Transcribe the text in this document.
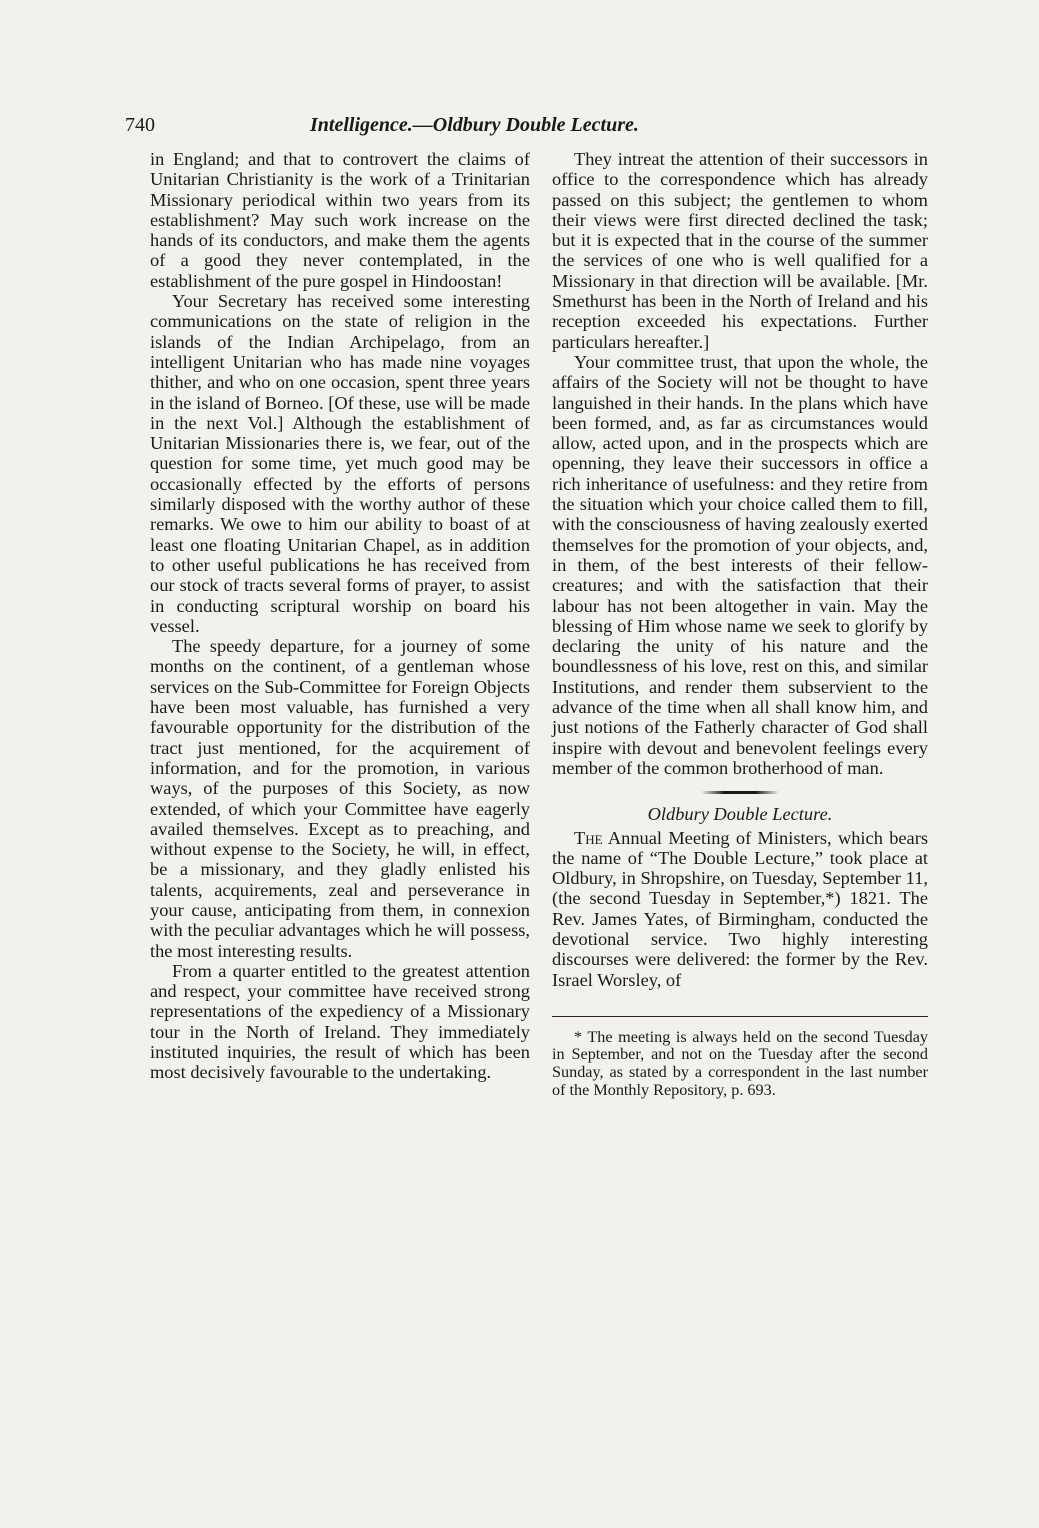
740	Intelligence.—Oldbury Double Lecture.

in England; and that to controvert the claims of Unitarian Christianity is the work of a Trinitarian Missionary periodical within two years from its establishment? May such work increase on the hands of its conductors, and make them the agents of a good they never contemplated, in the establishment of the pure gospel in Hindoostan!

Your Secretary has received some interesting communications on the state of religion in the islands of the Indian Archipelago, from an intelligent Unitarian who has made nine voyages thither, and who on one occasion, spent three years in the island of Borneo. [Of these, use will be made in the next Vol.] Although the establishment of Unitarian Missionaries there is, we fear, out of the question for some time, yet much good may be occasionally effected by the efforts of persons similarly disposed with the worthy author of these remarks. We owe to him our ability to boast of at least one floating Unitarian Chapel, as in addition to other useful publications he has received from our stock of tracts several forms of prayer, to assist in conducting scriptural worship on board his vessel.

The speedy departure, for a journey of some months on the continent, of a gentleman whose services on the Sub-Committee for Foreign Objects have been most valuable, has furnished a very favourable opportunity for the distribution of the tract just mentioned, for the acquirement of information, and for the promotion, in various ways, of the purposes of this Society, as now extended, of which your Committee have eagerly availed themselves. Except as to preaching, and without expense to the Society, he will, in effect, be a missionary, and they gladly enlisted his talents, acquirements, zeal and perseverance in your cause, anticipating from them, in connexion with the peculiar advantages which he will possess, the most interesting results.

From a quarter entitled to the greatest attention and respect, your committee have received strong representations of the expediency of a Missionary tour in the North of Ireland. They immediately instituted inquiries, the result of which has been most decisively favourable to the undertaking.

They intreat the attention of their successors in office to the correspondence which has already passed on this subject; the gentlemen to whom their views were first directed declined the task; but it is expected that in the course of the summer the services of one who is well qualified for a Missionary in that direction will be available. [Mr. Smethurst has been in the North of Ireland and his reception exceeded his expectations. Further particulars hereafter.]

Your committee trust, that upon the whole, the affairs of the Society will not be thought to have languished in their hands. In the plans which have been formed, and, as far as circumstances would allow, acted upon, and in the prospects which are openning, they leave their successors in office a rich inheritance of usefulness: and they retire from the situation which your choice called them to fill, with the consciousness of having zealously exerted themselves for the promotion of your objects, and, in them, of the best interests of their fellow-creatures; and with the satisfaction that their labour has not been altogether in vain. May the blessing of Him whose name we seek to glorify by declaring the unity of his nature and the boundlessness of his love, rest on this, and similar Institutions, and render them subservient to the advance of the time when all shall know him, and just notions of the Fatherly character of God shall inspire with devout and benevolent feelings every member of the common brotherhood of man.

Oldbury Double Lecture.

The Annual Meeting of Ministers, which bears the name of “The Double Lecture,” took place at Oldbury, in Shropshire, on Tuesday, September 11, (the second Tuesday in September,*) 1821. The Rev. James Yates, of Birmingham, conducted the devotional service. Two highly interesting discourses were delivered: the former by the Rev. Israel Worsley, of

* The meeting is always held on the second Tuesday in September, and not on the Tuesday after the second Sunday, as stated by a correspondent in the last number of the Monthly Repository, p. 693.
